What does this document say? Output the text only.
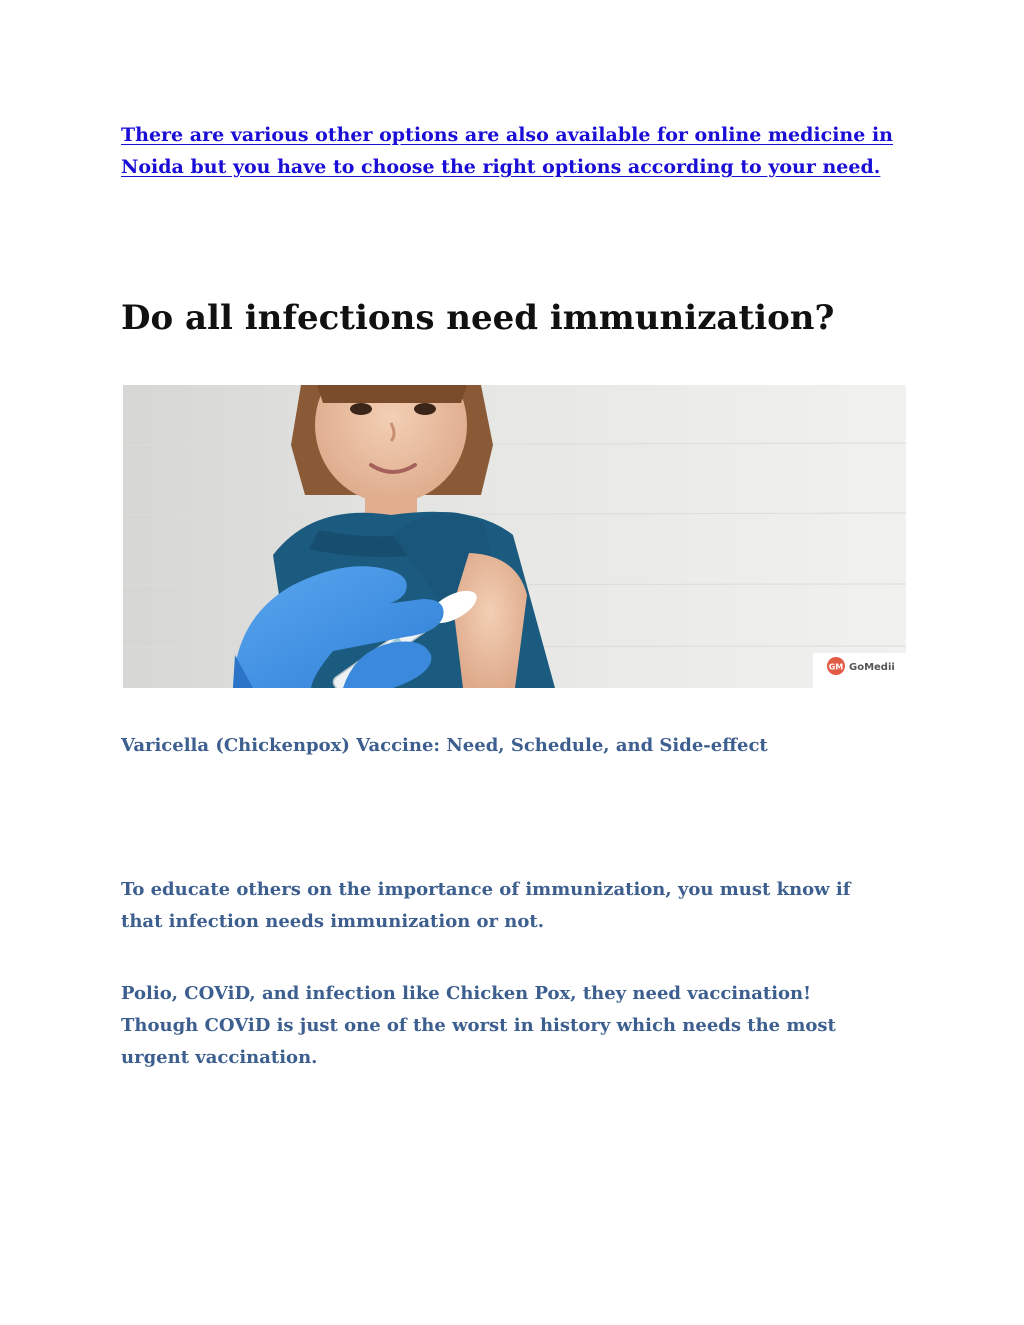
There are various other options are also available for online medicine in
Noida but you have to choose the right options according to your need.

Do all infections need immunization?
GM GoMedii

Varicella (Chickenpox) Vaccine: Need, Schedule, and Side-effect

To educate others on the importance of immunization, you must know if
that infection needs immunization or not.

Polio, COViD, and infection like Chicken Pox, they need vaccination!
Though COViD is just one of the worst in history which needs the most
urgent vaccination.
